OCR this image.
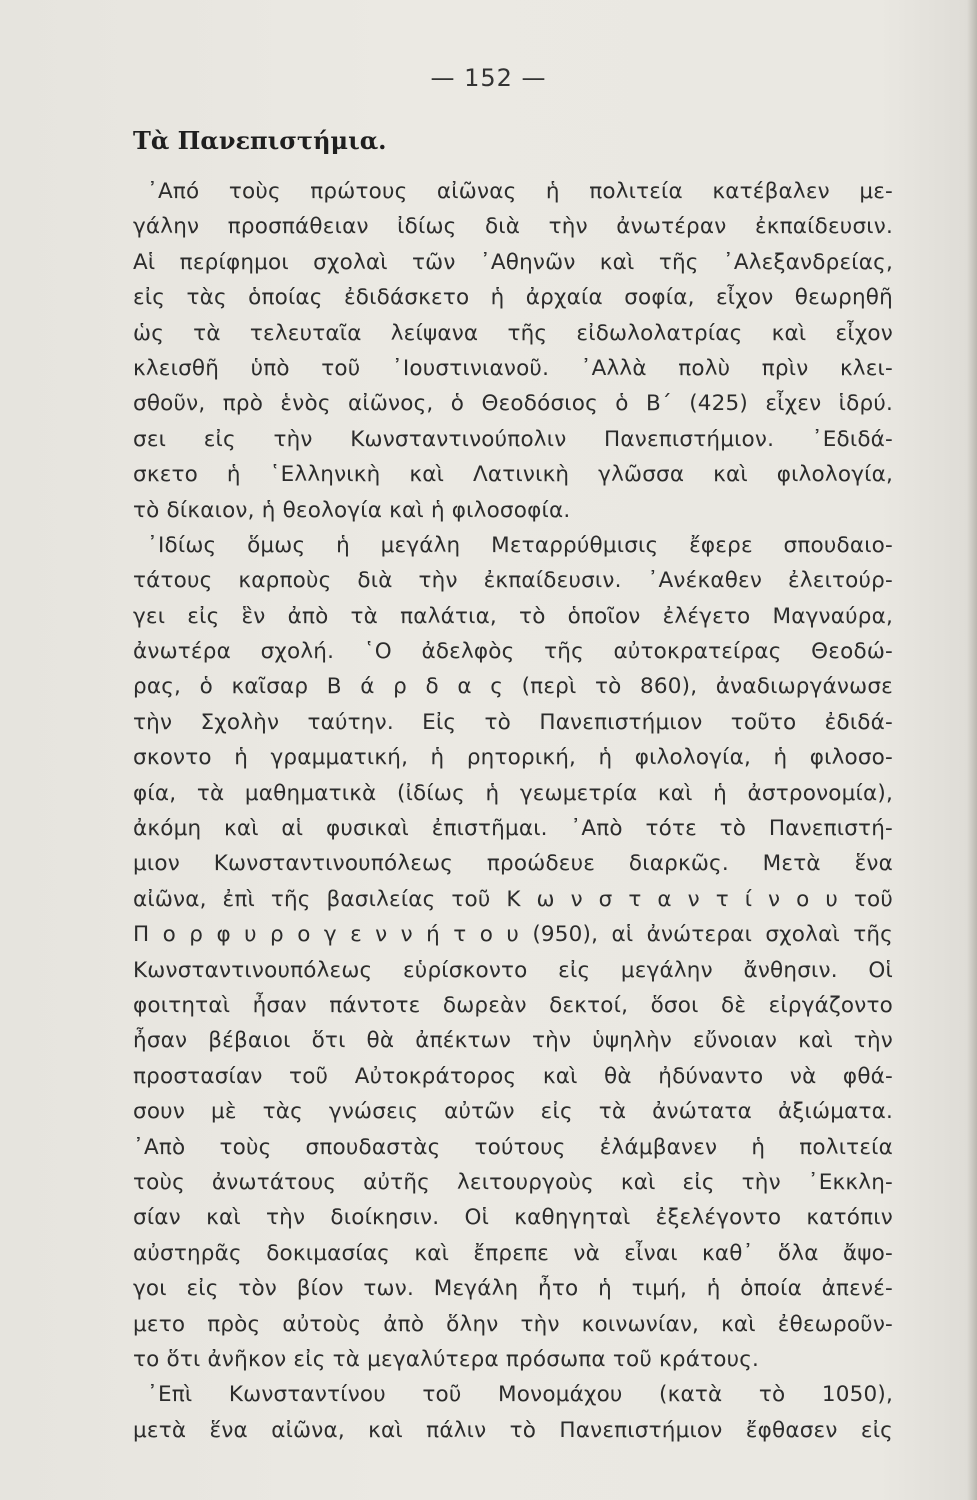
— 152 —
Τὰ Πανεπιστήμια.
᾿Από τοὺς πρώτους αἰῶνας ἡ πολιτεία κατέβαλεν με-
γάλην προσπάθειαν ἰδίως διὰ τὴν ἀνωτέραν ἐκπαίδευσιν.
Αἱ περίφημοι σχολαὶ τῶν ᾿Αθηνῶν καὶ τῆς ᾿Αλεξανδρείας,
εἰς τὰς ὁποίας ἐδιδάσκετο ἡ ἀρχαία σοφία, εἶχον θεωρηθῆ
ὡς τὰ τελευταῖα λείψανα τῆς εἰδωλολατρίας καὶ εἶχον
κλεισθῆ ὑπὸ τοῦ ᾿Ιουστινιανοῦ. ᾿Αλλὰ πολὺ πρὶν κλει-
σθοῦν, πρὸ ἑνὸς αἰῶνος, ὁ Θεοδόσιος ὁ Β΄ (425) εἶχεν ἱδρύ.
σει εἰς τὴν Κωνσταντινούπολιν Πανεπιστήμιον. ᾿Εδιδά-
σκετο ἡ ῾Ελληνικὴ καὶ Λατινικὴ γλῶσσα καὶ φιλολογία,
τὸ δίκαιον, ἡ θεολογία καὶ ἡ φιλοσοφία.
᾿Ιδίως ὅμως ἡ μεγάλη Μεταρρύθμισις ἔφερε σπουδαιο-
τάτους καρποὺς διὰ τὴν ἐκπαίδευσιν. ᾿Ανέκαθεν ἐλειτούρ-
γει εἰς ἓν ἀπὸ τὰ παλάτια, τὸ ὁποῖον ἐλέγετο Μαγναύρα,
ἀνωτέρα σχολή. ῾Ο ἀδελφὸς τῆς αὐτοκρατείρας Θεοδώ-
ρας, ὁ καῖσαρ Β ά ρ δ α ς (περὶ τὸ 860), ἀναδιωργάνωσε
τὴν Σχολὴν ταύτην. Εἰς τὸ Πανεπιστήμιον τοῦτο ἐδιδά-
σκοντο ἡ γραμματική, ἡ ρητορική, ἡ φιλολογία, ἡ φιλοσο-
φία, τὰ μαθηματικὰ (ἰδίως ἡ γεωμετρία καὶ ἡ ἀστρονομία),
ἀκόμη καὶ αἱ φυσικαὶ ἐπιστῆμαι. ᾿Απὸ τότε τὸ Πανεπιστή-
μιον Κωνσταντινουπόλεως προώδευε διαρκῶς. Μετὰ ἕνα
αἰῶνα, ἐπὶ τῆς βασιλείας τοῦ Κ ω ν σ τ α ν τ ί ν ο υ τοῦ
Π ο ρ φ υ ρ ο γ ε ν ν ή τ ο υ (950), αἱ ἀνώτεραι σχολαὶ τῆς
Κωνσταντινουπόλεως εὑρίσκοντο εἰς μεγάλην ἄνθησιν. Οἱ
φοιτηταὶ ἦσαν πάντοτε δωρεὰν δεκτοί, ὅσοι δὲ εἰργάζοντο
ἦσαν βέβαιοι ὅτι θὰ ἀπέκτων τὴν ὑψηλὴν εὔνοιαν καὶ τὴν
προστασίαν τοῦ Αὐτοκράτορος καὶ θὰ ἠδύναντο νὰ φθά-
σουν μὲ τὰς γνώσεις αὐτῶν εἰς τὰ ἀνώτατα ἀξιώματα.
᾿Απὸ τοὺς σπουδαστὰς τούτους ἐλάμβανεν ἡ πολιτεία
τοὺς ἀνωτάτους αὐτῆς λειτουργοὺς καὶ εἰς τὴν ᾿Εκκλη-
σίαν καὶ τὴν διοίκησιν. Οἱ καθηγηταὶ ἐξελέγοντο κατόπιν
αὐστηρᾶς δοκιμασίας καὶ ἔπρεπε νὰ εἶναι καθ᾿ ὅλα ἄψο-
γοι εἰς τὸν βίον των. Μεγάλη ἦτο ἡ τιμή, ἡ ὁποία ἀπενέ-
μετο πρὸς αὐτοὺς ἀπὸ ὅλην τὴν κοινωνίαν, καὶ ἐθεωροῦν-
το ὅτι ἀνῆκον εἰς τὰ μεγαλύτερα πρόσωπα τοῦ κράτους.
᾿Επὶ Κωνσταντίνου τοῦ Μονομάχου (κατὰ τὸ 1050),
μετὰ ἕνα αἰῶνα, καὶ πάλιν τὸ Πανεπιστήμιον ἔφθασεν εἰς
